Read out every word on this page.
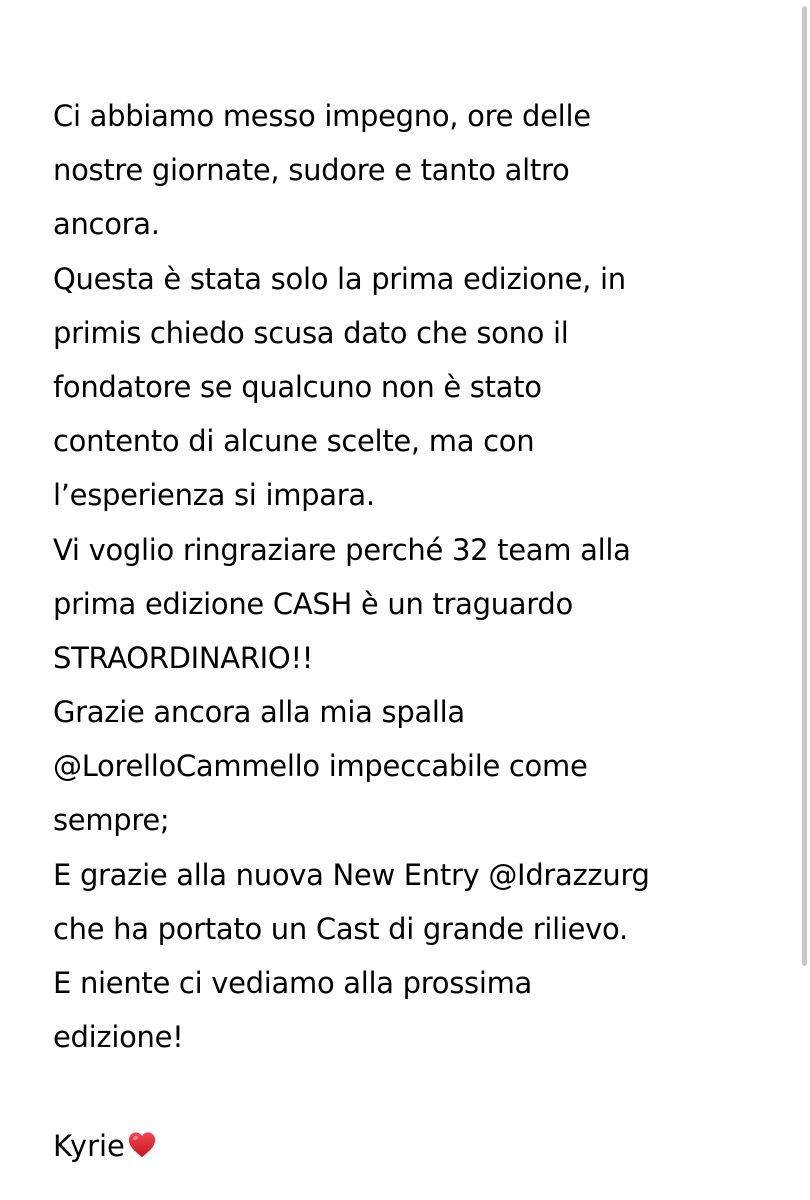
Ci abbiamo messo impegno, ore delle
nostre giornate, sudore e tanto altro
ancora.
Questa è stata solo la prima edizione, in
primis chiedo scusa dato che sono il
fondatore se qualcuno non è stato
contento di alcune scelte, ma con
l’esperienza si impara.
Vi voglio ringraziare perché 32 team alla
prima edizione CASH è un traguardo
STRAORDINARIO!!
Grazie ancora alla mia spalla
@LorelloCammello impeccabile come
sempre;
E grazie alla nuova New Entry @Idrazzurg
che ha portato un Cast di grande rilievo.
E niente ci vediamo alla prossima
edizione!
Kyrie
